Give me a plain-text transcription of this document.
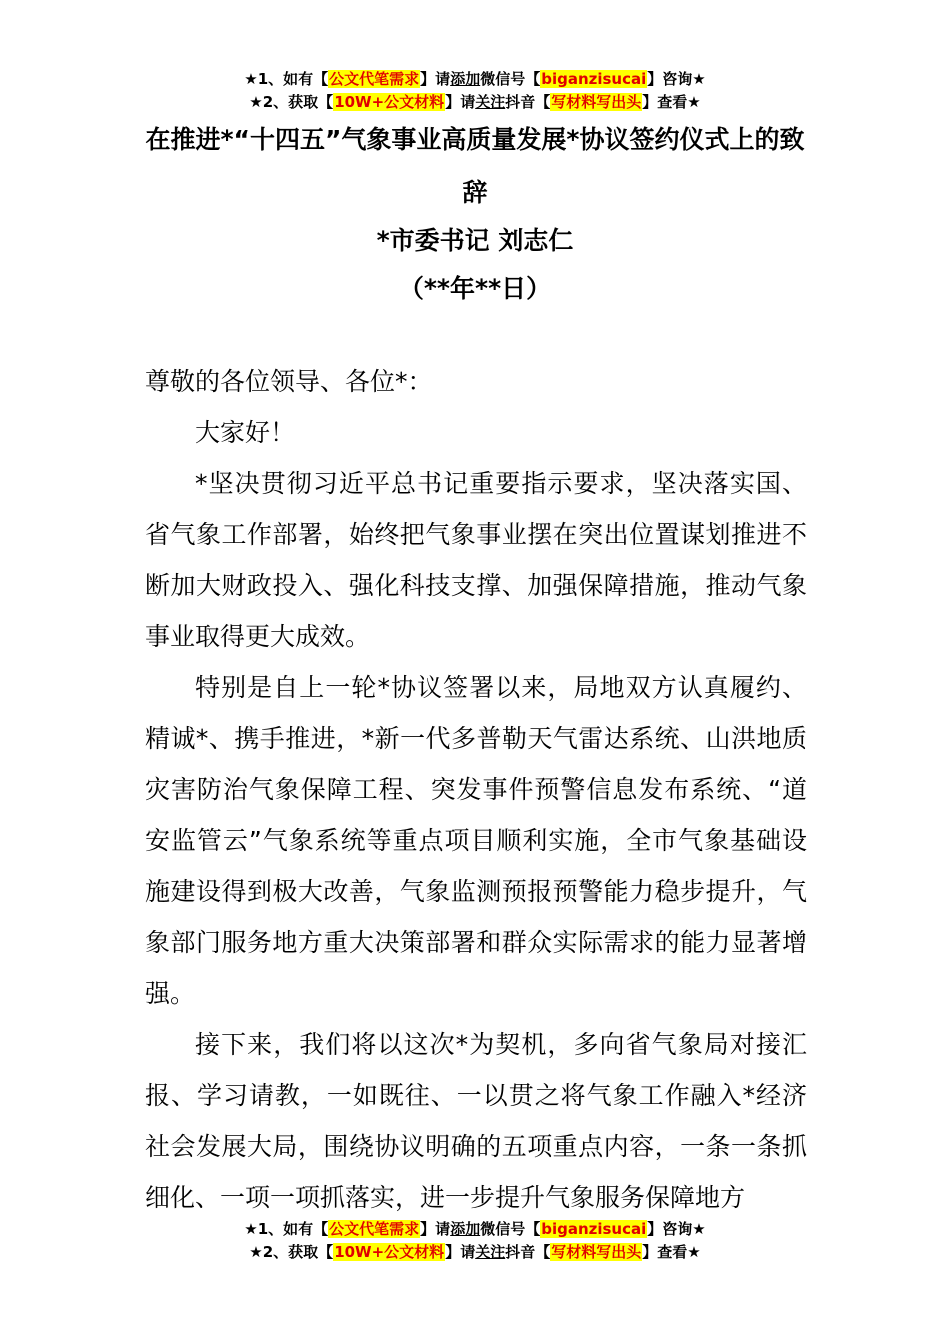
★1、如有【公文代笔需求】请添加微信号【biganzisucai】咨询★
★2、获取【10W+公文材料】请关注抖音【写材料写出头】查看★
在推进*“十四五”气象事业高质量发展*协议签约仪式上的致辞
*市委书记 刘志仁
（**年**日）

尊敬的各位领导、各位*：

大家好！

*坚决贯彻习近平总书记重要指示要求，坚决落实国、省气象工作部署，始终把气象事业摆在突出位置谋划推进不断加大财政投入、强化科技支撑、加强保障措施，推动气象事业取得更大成效。

特别是自上一轮*协议签署以来，局地双方认真履约、精诚*、携手推进，*新一代多普勒天气雷达系统、山洪地质灾害防治气象保障工程、突发事件预警信息发布系统、“道安监管云”气象系统等重点项目顺利实施，全市气象基础设施建设得到极大改善，气象监测预报预警能力稳步提升，气象部门服务地方重大决策部署和群众实际需求的能力显著增强。

接下来，我们将以这次*为契机，多向省气象局对接汇报、学习请教，一如既往、一以贯之将气象工作融入*经济社会发展大局，围绕协议明确的五项重点内容，一条一条抓细化、一项一项抓落实，进一步提升气象服务保障地方

★1、如有【公文代笔需求】请添加微信号【biganzisucai】咨询★
★2、获取【10W+公文材料】请关注抖音【写材料写出头】查看★
